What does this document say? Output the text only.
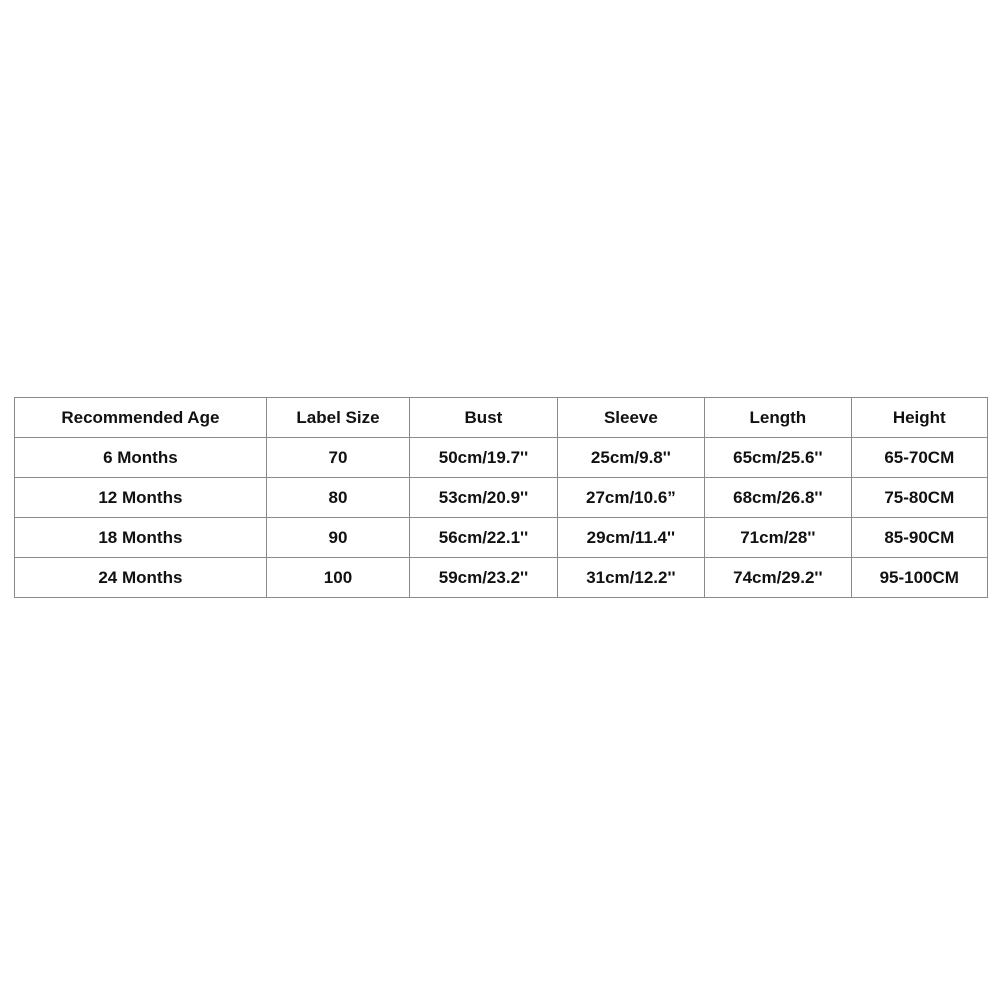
Recommended Age	Label Size	Bust	Sleeve	Length	Height
6 Months	70	50cm/19.7''	25cm/9.8''	65cm/25.6''	65-70CM
12 Months	80	53cm/20.9''	27cm/10.6”	68cm/26.8''	75-80CM
18 Months	90	56cm/22.1''	29cm/11.4''	71cm/28''	85-90CM
24 Months	100	59cm/23.2''	31cm/12.2''	74cm/29.2''	95-100CM
